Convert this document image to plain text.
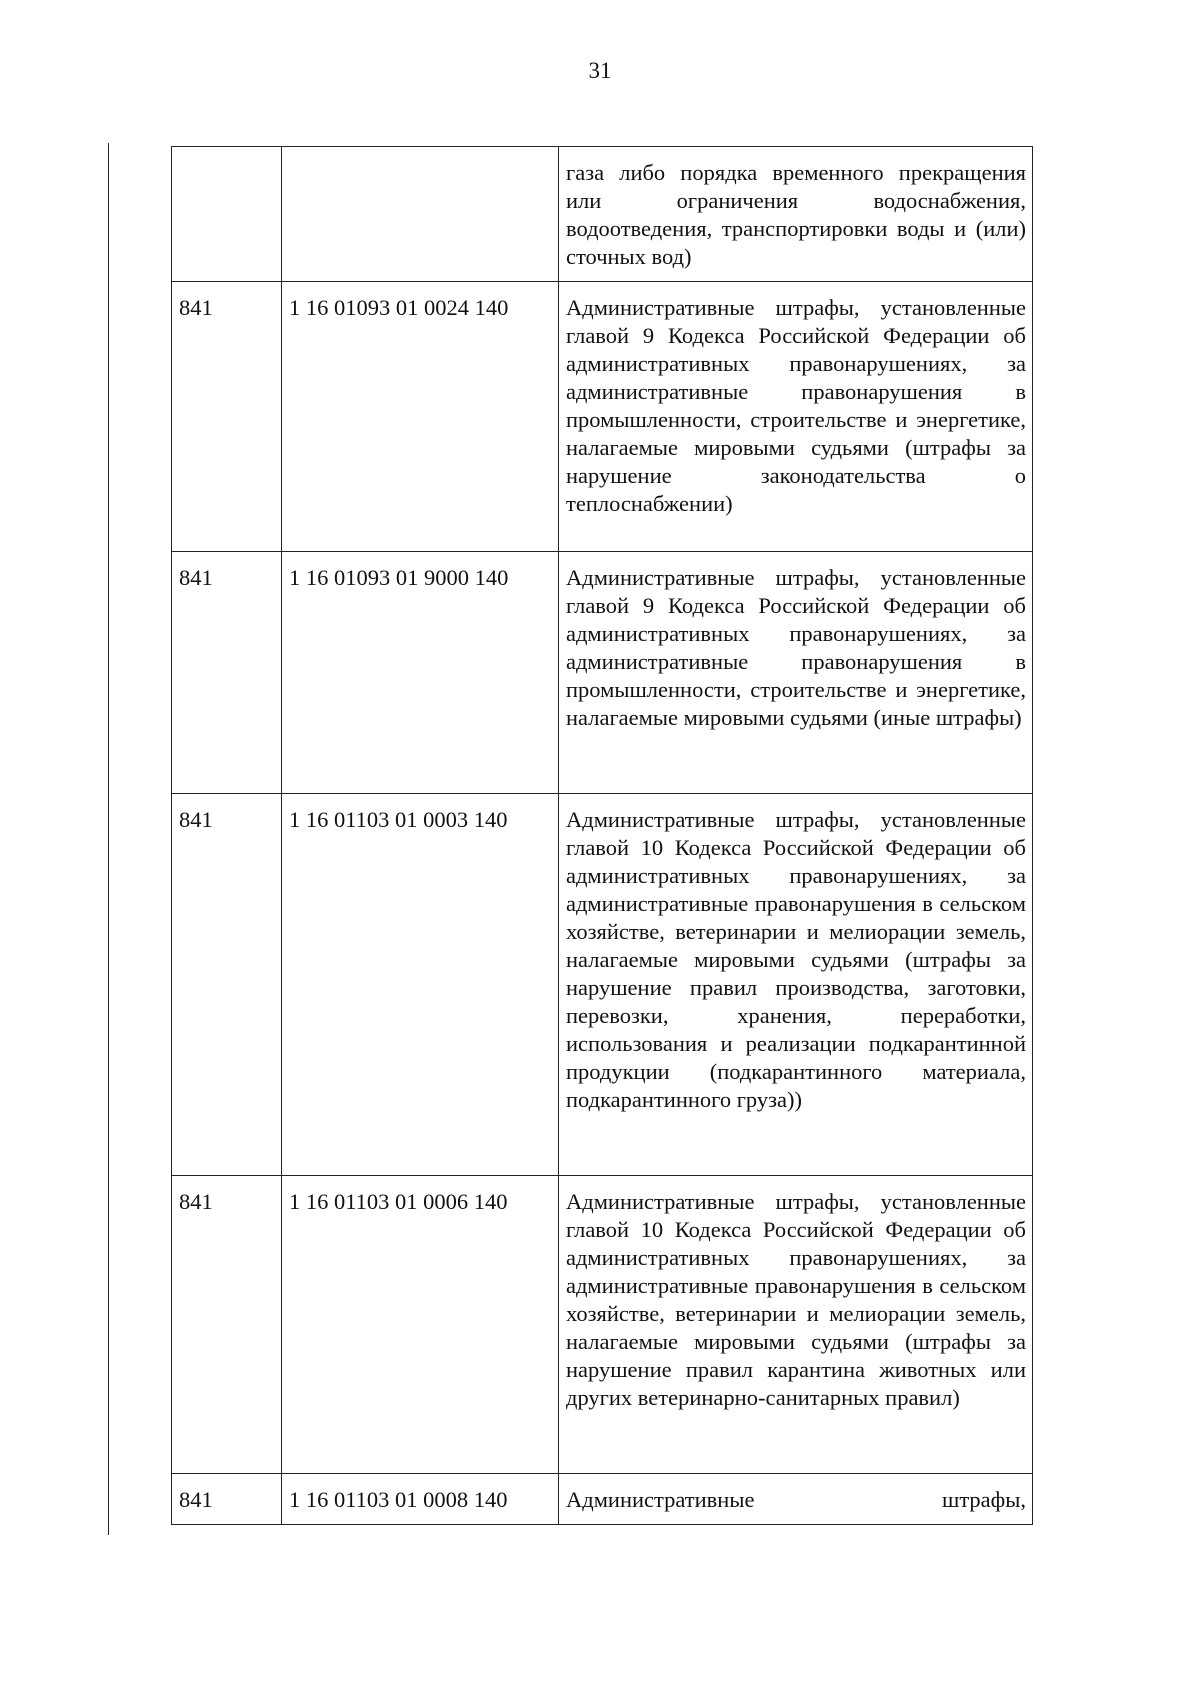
31
		газа либо порядка временного прекращения или ограничения водоснабжения, водоотведения, транспортировки воды и (или) сточных вод)
841	1 16 01093 01 0024 140	Административные штрафы, установленные главой 9 Кодекса Российской Федерации об административных правонарушениях, за административные правонарушения в промышленности, строительстве и энергетике, налагаемые мировыми судьями (штрафы за нарушение законодательства о теплоснабжении)
841	1 16 01093 01 9000 140	Административные штрафы, установленные главой 9 Кодекса Российской Федерации об административных правонарушениях, за административные правонарушения в промышленности, строительстве и энергетике, налагаемые мировыми судьями (иные штрафы)
841	1 16 01103 01 0003 140	Административные штрафы, установленные главой 10 Кодекса Российской Федерации об административных правонарушениях, за административные правонарушения в сельском хозяйстве, ветеринарии и мелиорации земель, налагаемые мировыми судьями (штрафы за нарушение правил производства, заготовки, перевозки, хранения, переработки, использования и реализации подкарантинной продукции (подкарантинного материала, подкарантинного груза))
841	1 16 01103 01 0006 140	Административные штрафы, установленные главой 10 Кодекса Российской Федерации об административных правонарушениях, за административные правонарушения в сельском хозяйстве, ветеринарии и мелиорации земель, налагаемые мировыми судьями (штрафы за нарушение правил карантина животных или других ветеринарно-санитарных правил)
841	1 16 01103 01 0008 140	Административные штрафы,
